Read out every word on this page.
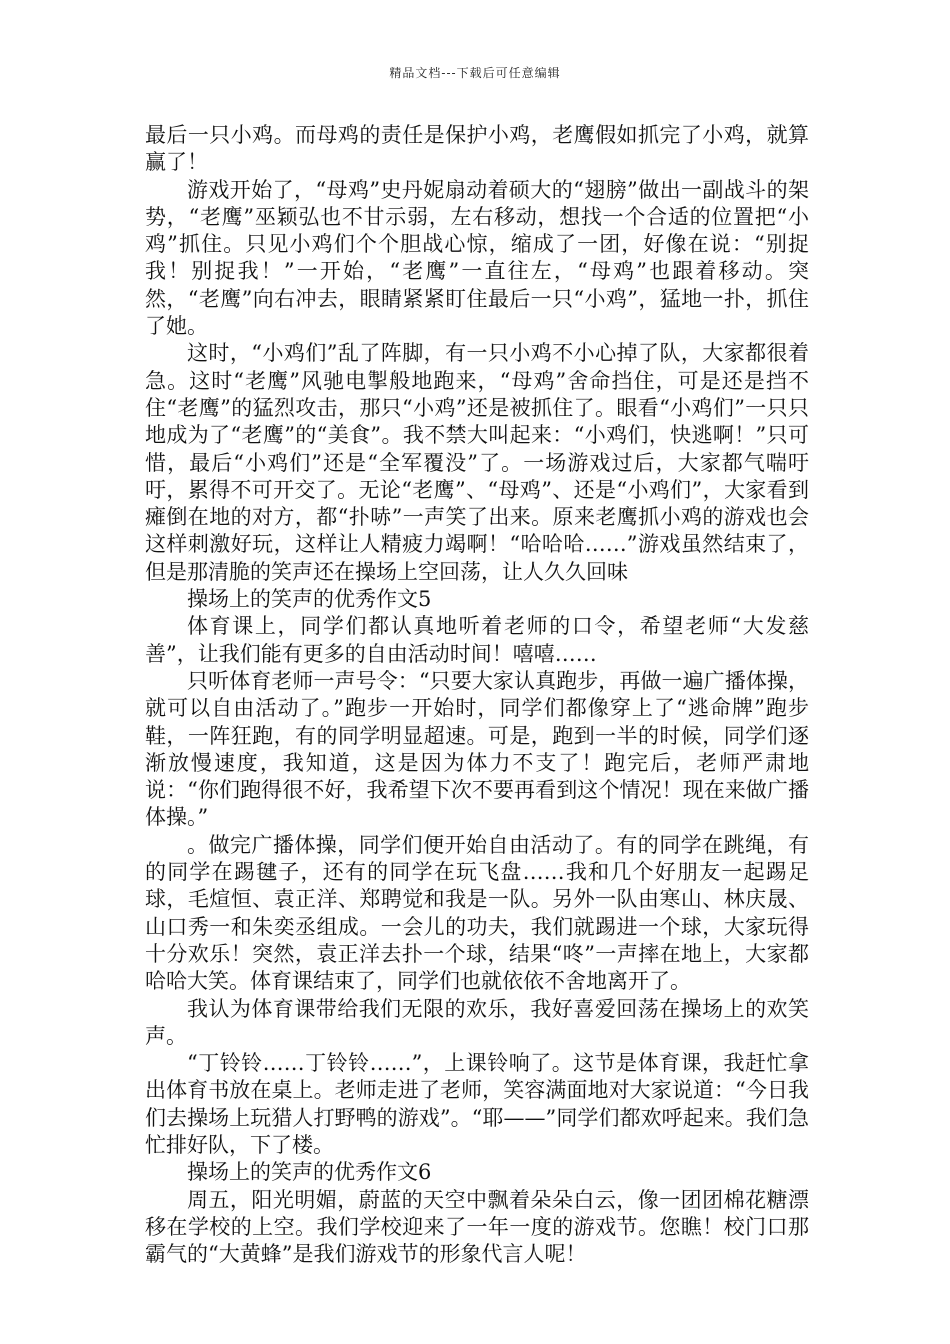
精品文档---下载后可任意编辑

最后一只小鸡。而母鸡的责任是保护小鸡，老鹰假如抓完了小鸡，就算赢了！

游戏开始了，“母鸡”史丹妮扇动着硕大的“翅膀”做出一副战斗的架势，“老鹰”巫颖弘也不甘示弱，左右移动，想找一个合适的位置把“小鸡”抓住。只见小鸡们个个胆战心惊，缩成了一团，好像在说：“别捉我！别捉我！”一开始，“老鹰”一直往左，“母鸡”也跟着移动。突然，“老鹰”向右冲去，眼睛紧紧盯住最后一只“小鸡”，猛地一扑，抓住了她。

这时，“小鸡们”乱了阵脚，有一只小鸡不小心掉了队，大家都很着急。这时“老鹰”风驰电掣般地跑来，“母鸡”舍命挡住，可是还是挡不住“老鹰”的猛烈攻击，那只“小鸡”还是被抓住了。眼看“小鸡们”一只只地成为了“老鹰”的“美食”。我不禁大叫起来：“小鸡们，快逃啊！”只可惜，最后“小鸡们”还是“全军覆没”了。一场游戏过后，大家都气喘吁吁，累得不可开交了。无论“老鹰”、“母鸡”、还是“小鸡们”，大家看到瘫倒在地的对方，都“扑哧”一声笑了出来。原来老鹰抓小鸡的游戏也会这样刺激好玩，这样让人精疲力竭啊！“哈哈哈……”游戏虽然结束了，但是那清脆的笑声还在操场上空回荡，让人久久回味

操场上的笑声的优秀作文5

体育课上，同学们都认真地听着老师的口令，希望老师“大发慈善”，让我们能有更多的自由活动时间！嘻嘻……

只听体育老师一声号令：“只要大家认真跑步，再做一遍广播体操，就可以自由活动了。”跑步一开始时，同学们都像穿上了“逃命牌”跑步鞋，一阵狂跑，有的同学明显超速。可是，跑到一半的时候，同学们逐渐放慢速度，我知道，这是因为体力不支了！跑完后，老师严肃地说：“你们跑得很不好，我希望下次不要再看到这个情况！现在来做广播体操。”

。做完广播体操，同学们便开始自由活动了。有的同学在跳绳，有的同学在踢毽子，还有的同学在玩飞盘……我和几个好朋友一起踢足球，毛煊恒、袁正洋、郑聘觉和我是一队。另外一队由寒山、林庆晟、山口秀一和朱奕丞组成。一会儿的功夫，我们就踢进一个球，大家玩得十分欢乐！突然，袁正洋去扑一个球，结果“咚”一声摔在地上，大家都哈哈大笑。体育课结束了，同学们也就依依不舍地离开了。

我认为体育课带给我们无限的欢乐，我好喜爱回荡在操场上的欢笑声。

“丁铃铃……丁铃铃……”，上课铃响了。这节是体育课，我赶忙拿出体育书放在桌上。老师走进了老师，笑容满面地对大家说道：“今日我们去操场上玩猎人打野鸭的游戏”。“耶——”同学们都欢呼起来。我们急忙排好队，下了楼。

操场上的笑声的优秀作文6

周五，阳光明媚，蔚蓝的天空中飘着朵朵白云，像一团团棉花糖漂移在学校的上空。我们学校迎来了一年一度的游戏节。您瞧！校门口那霸气的“大黄蜂”是我们游戏节的形象代言人呢！
